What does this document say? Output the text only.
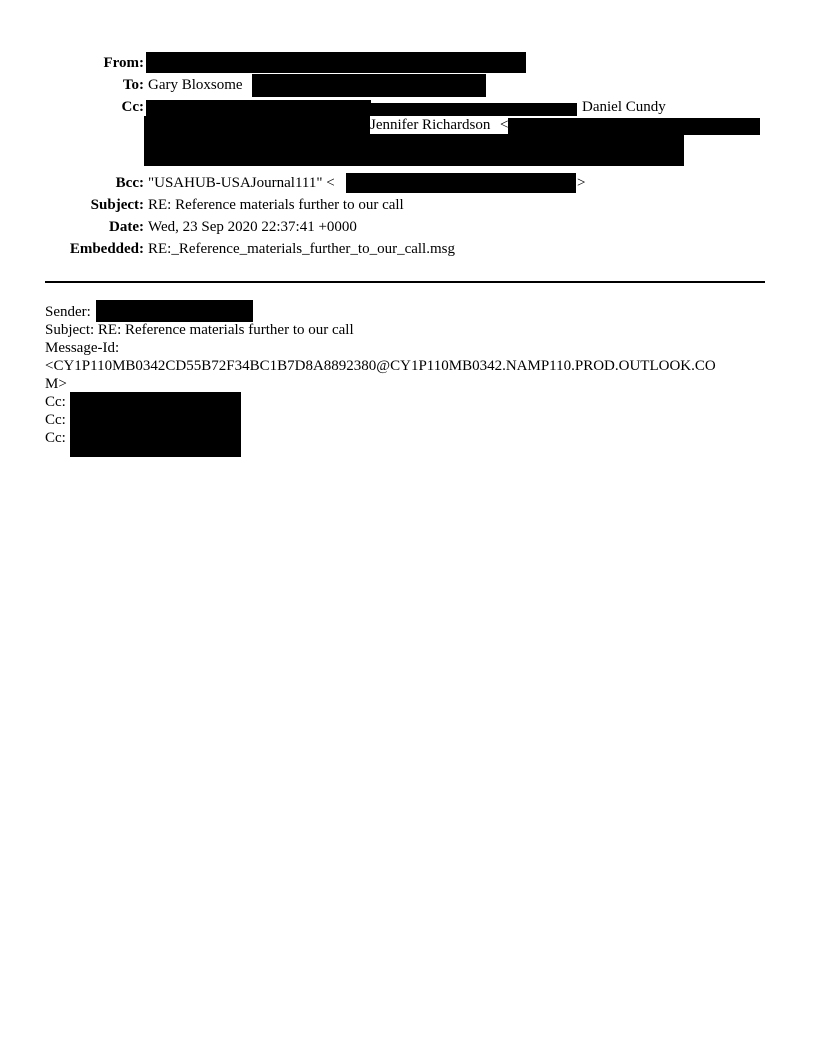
From:
To: Gary Bloxsome
Cc:	Daniel Cundy
Jennifer Richardson <
Bcc: "USAHUB-USAJournal111" <	>
Subject: RE: Reference materials further to our call
Date: Wed, 23 Sep 2020 22:37:41 +0000
Embedded: RE:_Reference_materials_further_to_our_call.msg
Sender:
Subject: RE: Reference materials further to our call
Message-Id:
<CY1P110MB0342CD55B72F34BC1B7D8A8892380@CY1P110MB0342.NAMP110.PROD.OUTLOOK.CO
M>
Cc:
Cc:
Cc:
